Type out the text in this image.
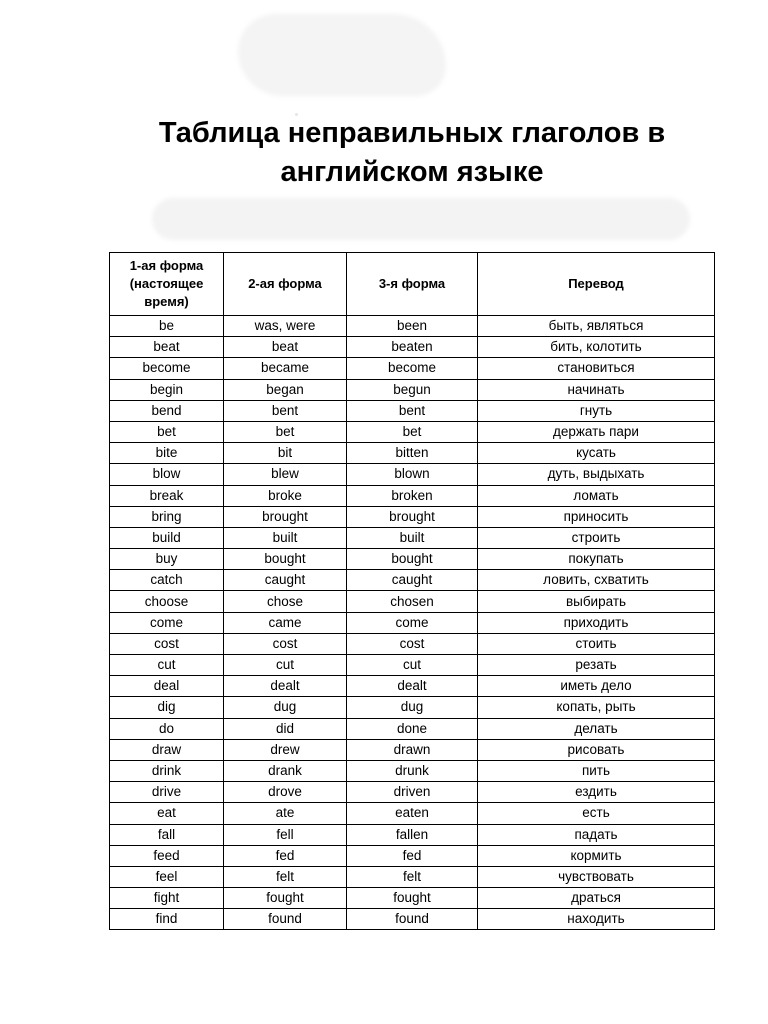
Таблица неправильных глаголов в английском языке
1-ая форма (настоящее время)	2-ая форма	3-я форма	Перевод
be	was, were	been	быть, являться
beat	beat	beaten	бить, колотить
become	became	become	становиться
begin	began	begun	начинать
bend	bent	bent	гнуть
bet	bet	bet	держать пари
bite	bit	bitten	кусать
blow	blew	blown	дуть, выдыхать
break	broke	broken	ломать
bring	brought	brought	приносить
build	built	built	строить
buy	bought	bought	покупать
catch	caught	caught	ловить, схватить
choose	chose	chosen	выбирать
come	came	come	приходить
cost	cost	cost	стоить
cut	cut	cut	резать
deal	dealt	dealt	иметь дело
dig	dug	dug	копать, рыть
do	did	done	делать
draw	drew	drawn	рисовать
drink	drank	drunk	пить
drive	drove	driven	ездить
eat	ate	eaten	есть
fall	fell	fallen	падать
feed	fed	fed	кормить
feel	felt	felt	чувствовать
fight	fought	fought	драться
find	found	found	находить
